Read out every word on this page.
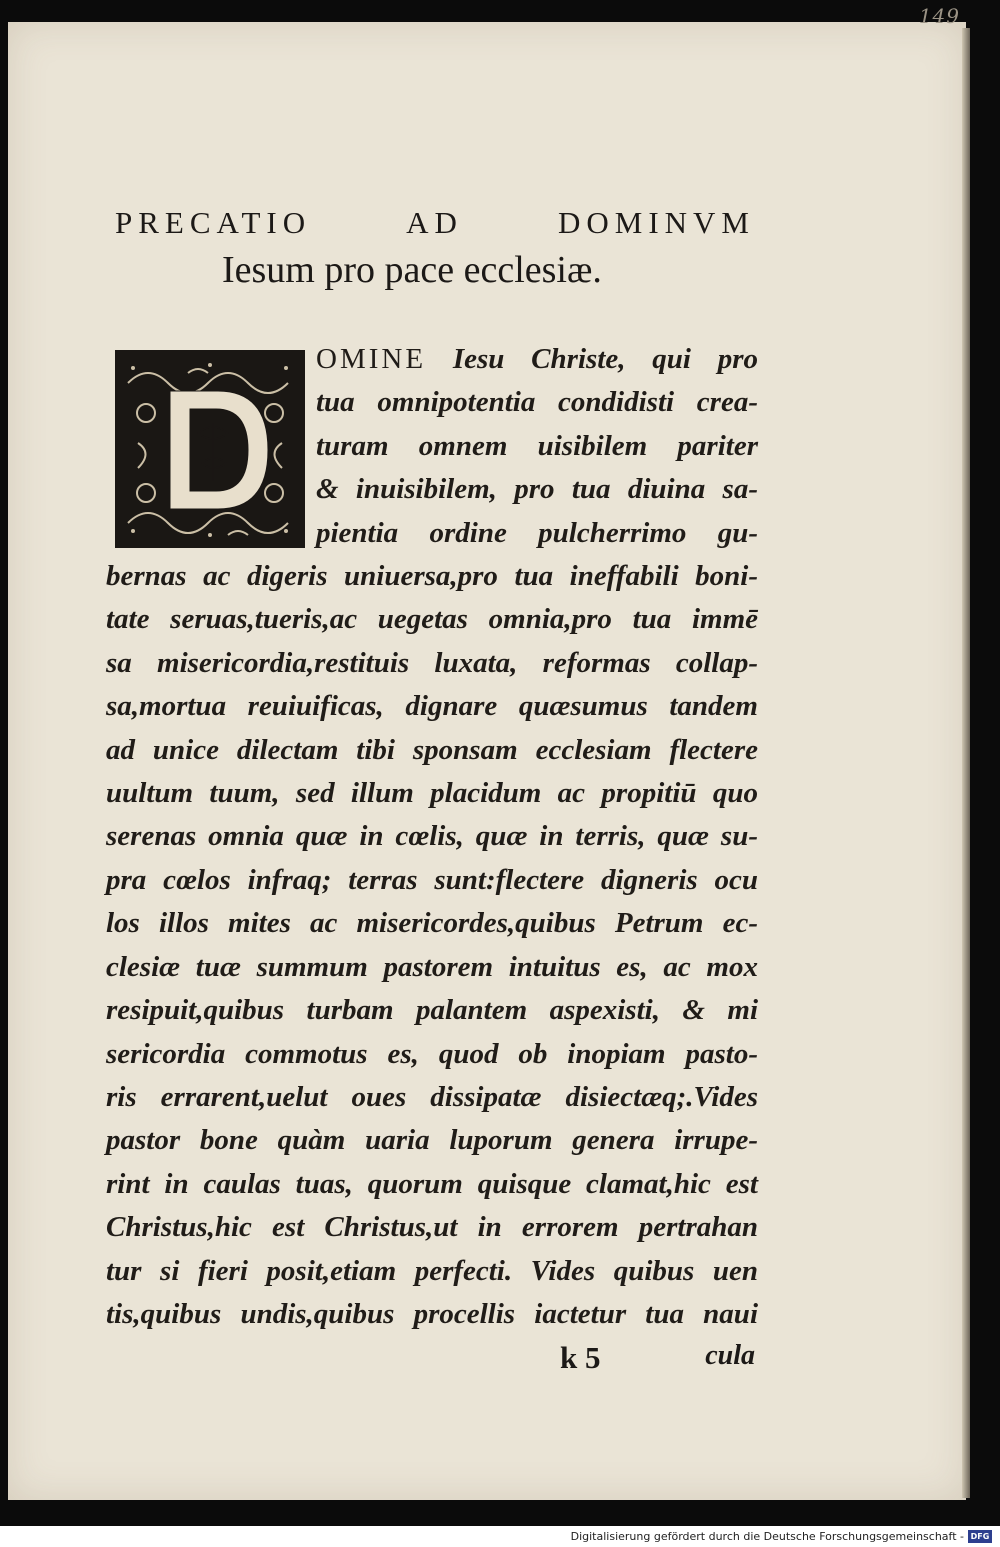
149
PRECATIO	AD	DOMINVM
Iesum pro pace ecclesiæ.
OMINE Iesu Christe, qui pro
tua omnipotentia condidisti crea-
turam omnem uisibilem pariter
& inuisibilem, pro tua diuina sa-
pientia ordine pulcherrimo gu-
bernas ac digeris uniuersa,pro tua ineffabili boni-
tate seruas,tueris,ac uegetas omnia,pro tua immē
sa misericordia,restituis luxata, reformas collap-
sa,mortua reuiuificas, dignare quæsumus tandem
ad unice dilectam tibi sponsam ecclesiam flectere
uultum tuum, sed illum placidum ac propitiū quo
serenas omnia quæ in cœlis, quæ in terris, quæ su-
pra cœlos infraq; terras sunt:flectere digneris ocu
los illos mites ac misericordes,quibus Petrum ec-
clesiæ tuæ summum pastorem intuitus es, ac mox
resipuit,quibus turbam palantem aspexisti, & mi
sericordia commotus es, quod ob inopiam pasto-
ris errarent,uelut oues dissipatæ disiectæq;.Vides
pastor bone quàm uaria luporum genera irrupe-
rint in caulas tuas, quorum quisque clamat,hic est
Christus,hic est Christus,ut in errorem pertrahan
tur si fieri posit,etiam perfecti. Vides quibus uen
tis,quibus undis,quibus procellis iactetur tua naui
k 5	cula
Digitalisierung gefördert durch die Deutsche Forschungsgemeinschaft - DFG
